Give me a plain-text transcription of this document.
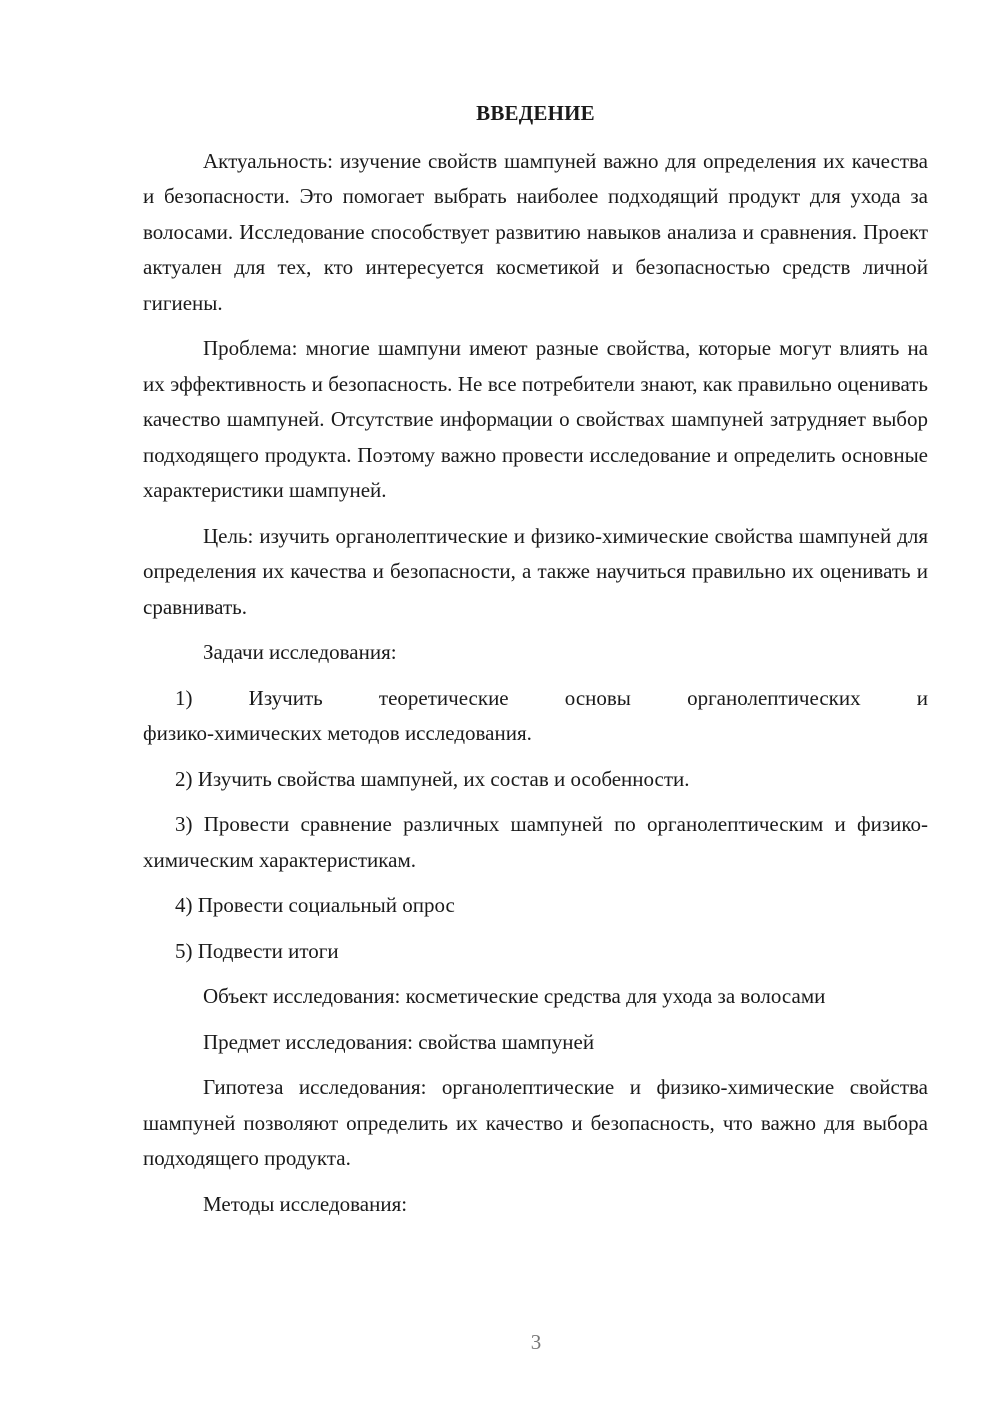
ВВЕДЕНИЕ

Актуальность: изучение свойств шампуней важно для определения их качества и безопасности. Это помогает выбрать наиболее подходящий продукт для ухода за волосами. Исследование способствует развитию навыков анализа и сравнения. Проект актуален для тех, кто интересуется косметикой и безопасностью средств личной гигиены.

Проблема: многие шампуни имеют разные свойства, которые могут влиять на их эффективность и безопасность. Не все потребители знают, как правильно оценивать качество шампуней. Отсутствие информации о свойствах шампуней затрудняет выбор подходящего продукта. Поэтому важно провести исследование и определить основные характеристики шампуней.

Цель: изучить органолептические и физико-химические свойства шампуней для определения их качества и безопасности, а также научиться правильно их оценивать и сравнивать.

Задачи исследования:

1) Изучить теоретические основы органолептических и
физико-химических методов исследования.

2) Изучить свойства шампуней, их состав и особенности.

3) Провести сравнение различных шампуней по органолептическим и физико-химическим характеристикам.

4) Провести социальный опрос

5) Подвести итоги

Объект исследования: косметические средства для ухода за волосами

Предмет исследования: свойства шампуней

Гипотеза исследования: органолептические и физико-химические свойства шампуней позволяют определить их качество и безопасность, что важно для выбора подходящего продукта.

Методы исследования:

3
